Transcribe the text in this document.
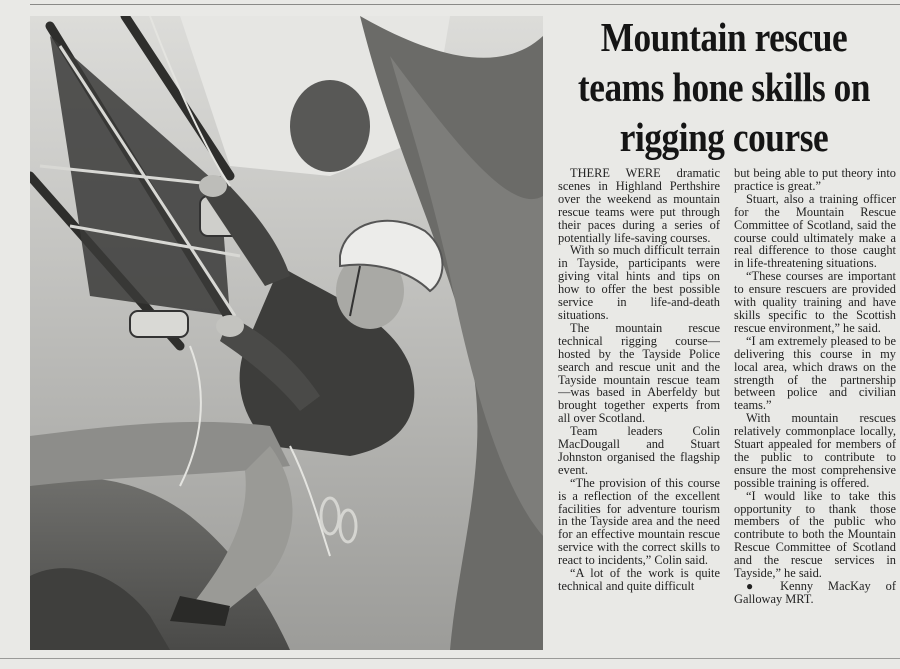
Mountain rescue teams hone skills on rigging course

THERE WERE dramatic scenes in Highland Perthshire over the weekend as mountain rescue teams were put through their paces during a series of potentially life-saving courses.

With so much difficult terrain in Tayside, participants were giving vital hints and tips on how to offer the best possible service in life-and-death situations.

The mountain rescue technical rigging course—hosted by the Tayside Police search and rescue unit and the Tayside mountain rescue team—was based in Aberfeldy but brought together experts from all over Scotland.

Team leaders Colin MacDougall and Stuart Johnston organised the flagship event.

“The provision of this course is a reflection of the excellent facilities for adventure tourism in the Tayside area and the need for an effective mountain rescue service with the correct skills to react to incidents,” Colin said.

“A lot of the work is quite technical and quite difficult

but being able to put theory into practice is great.”

Stuart, also a training officer for the Mountain Rescue Committee of Scotland, said the course could ultimately make a real difference to those caught in life-threatening situations.

“These courses are important to ensure rescuers are provided with quality training and have skills specific to the Scottish rescue environment,” he said.

“I am extremely pleased to be delivering this course in my local area, which draws on the strength of the partnership between police and civilian teams.”

With mountain rescues relatively commonplace locally, Stuart appealed for members of the public to contribute to ensure the most comprehensive possible training is offered.

“I would like to take this opportunity to thank those members of the public who contribute to both the Mountain Rescue Committee of Scotland and the rescue services in Tayside,” he said.

● Kenny MacKay of Galloway MRT.
